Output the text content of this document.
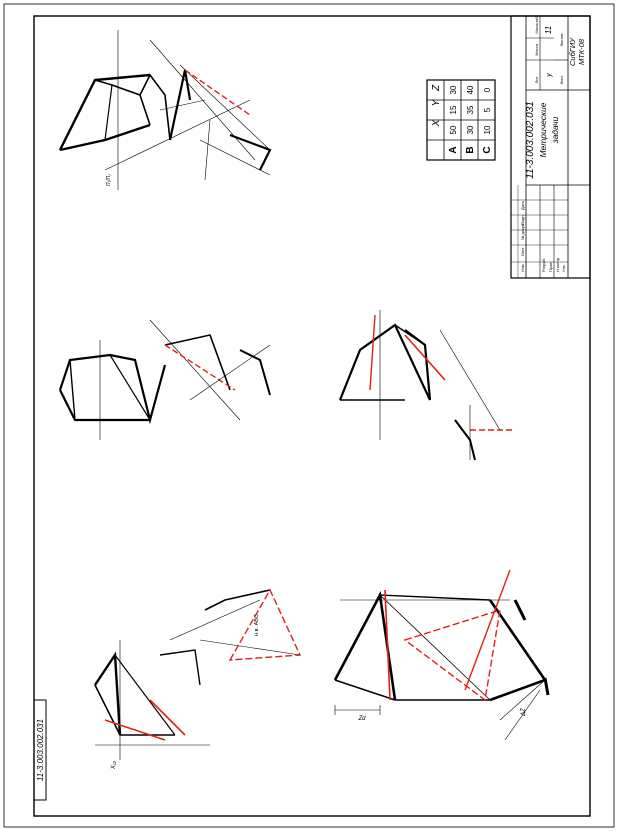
11-3.003.002.031 Метрические задачи
у
11
СибГИУ МТК-08
Лит
Масса
Масштаб
Лист
Листов
Изм
Лист
№ докум.
Подп.
Дата
Разраб. Пров. Н.контр. Утв.
11-3.003.002.031
X
Y
Z
A
50
15
30
B
30
35
40
C
10
5
0
н.в. ABC
Zd
ΔZ
X₁₂
П₁/П₂
